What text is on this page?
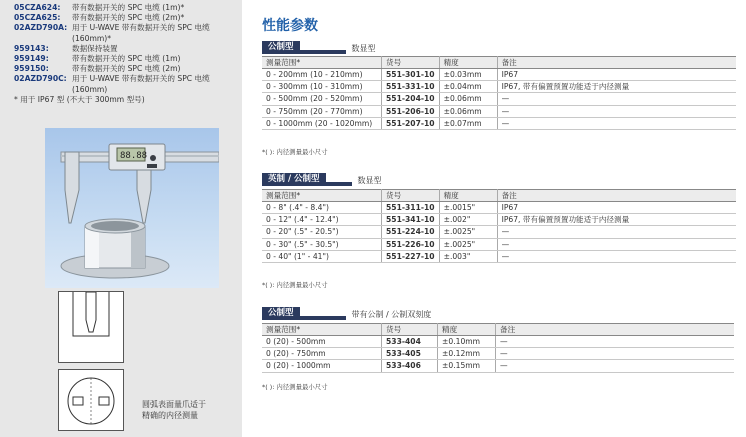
05CZA624:	带有数据开关的 SPC 电缆 (1m)*
05CZA625:	带有数据开关的 SPC 电缆 (2m)*
02AZD790A: 用于 U-WAVE 带有数据开关的 SPC 电缆
(160mm)*
959143:	数据保持装置
959149:	带有数据开关的 SPC 电缆 (1m)
959150:	带有数据开关的 SPC 电缆 (2m)
02AZD790C: 用于 U-WAVE 带有数据开关的 SPC 电缆
(160mm)
* 用于 IP67 型 (不大于 300mm 型号)
88.88
圆弧表面量爪适于
精确的内径测量
性能参数
公制型	数显型
测量范围*	货号	精度	备注
0 - 200mm (10 - 210mm)	551-301-10	±0.03mm	IP67
0 - 300mm (10 - 310mm)	551-331-10	±0.04mm	IP67, 带有偏置预置功能适于内径测量
0 - 500mm (20 - 520mm)	551-204-10	±0.06mm	—
0 - 750mm (20 - 770mm)	551-206-10	±0.06mm	—
0 - 1000mm (20 - 1020mm)	551-207-10	±0.07mm	—
*( ): 内径测量最小尺寸
英制 / 公制型	数显型
测量范围*	货号	精度	备注
0 - 8" (.4" - 8.4")	551-311-10	±.0015"	IP67
0 - 12" (.4" - 12.4")	551-341-10	±.002"	IP67, 带有偏置预置功能适于内径测量
0 - 20" (.5" - 20.5")	551-224-10	±.0025"	—
0 - 30" (.5" - 30.5")	551-226-10	±.0025"	—
0 - 40" (1" - 41")	551-227-10	±.003"	—
*( ): 内径测量最小尺寸
公制型	带有公制 / 公制双刻度
测量范围*	货号	精度	备注
0 (20) - 500mm	533-404	±0.10mm	—
0 (20) - 750mm	533-405	±0.12mm	—
0 (20) - 1000mm	533-406	±0.15mm	—
*( ): 内径测量最小尺寸
